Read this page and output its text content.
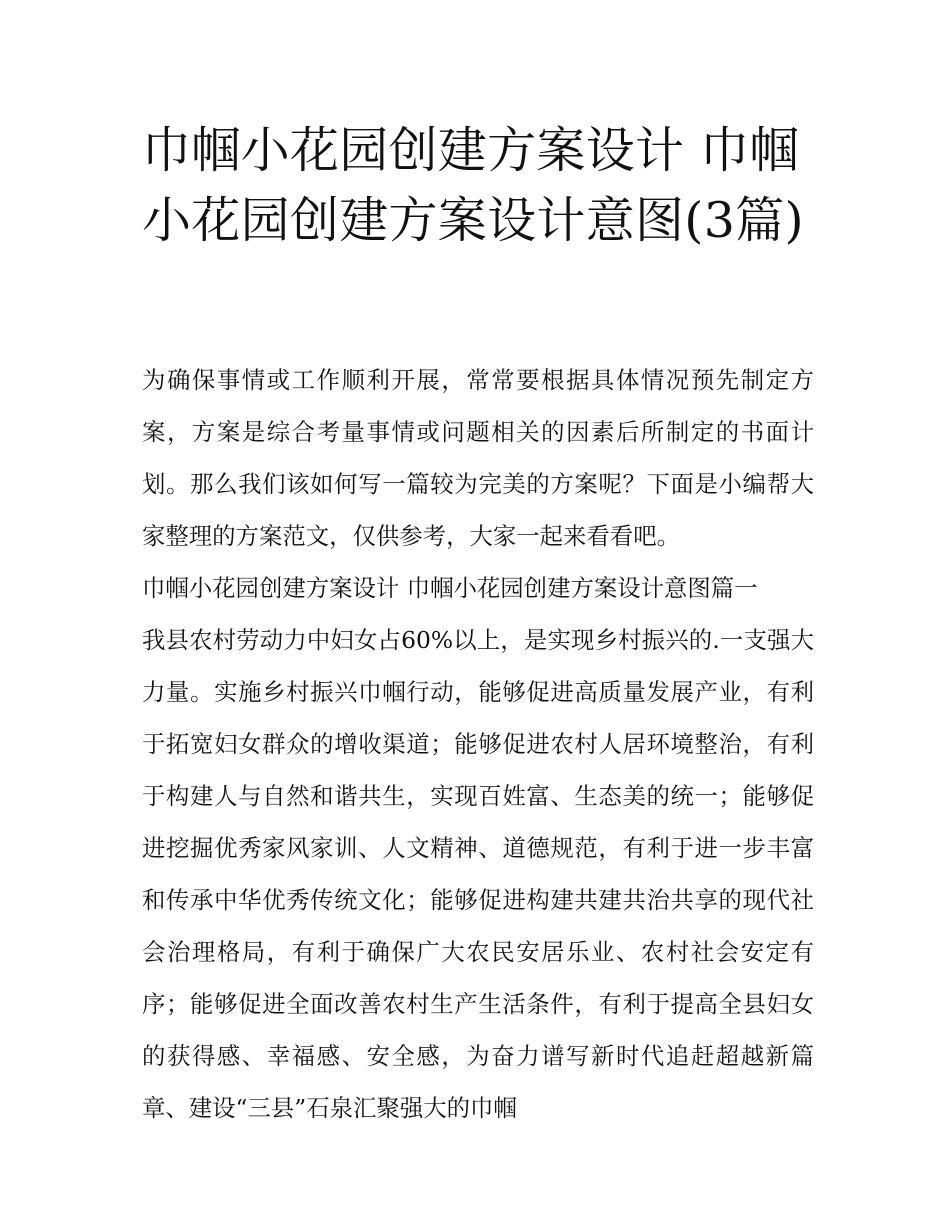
巾帼小花园创建方案设计 巾帼小花园创建方案设计意图(3篇)

为确保事情或工作顺利开展，常常要根据具体情况预先制定方案，方案是综合考量事情或问题相关的因素后所制定的书面计划。那么我们该如何写一篇较为完美的方案呢？下面是小编帮大家整理的方案范文，仅供参考，大家一起来看看吧。

巾帼小花园创建方案设计 巾帼小花园创建方案设计意图篇一

我县农村劳动力中妇女占60%以上，是实现乡村振兴的.一支强大力量。实施乡村振兴巾帼行动，能够促进高质量发展产业，有利于拓宽妇女群众的增收渠道；能够促进农村人居环境整治，有利于构建人与自然和谐共生，实现百姓富、生态美的统一；能够促进挖掘优秀家风家训、人文精神、道德规范，有利于进一步丰富和传承中华优秀传统文化；能够促进构建共建共治共享的现代社会治理格局，有利于确保广大农民安居乐业、农村社会安定有序；能够促进全面改善农村生产生活条件，有利于提高全县妇女的获得感、幸福感、安全感，为奋力谱写新时代追赶超越新篇章、建设“三县”石泉汇聚强大的巾帼
